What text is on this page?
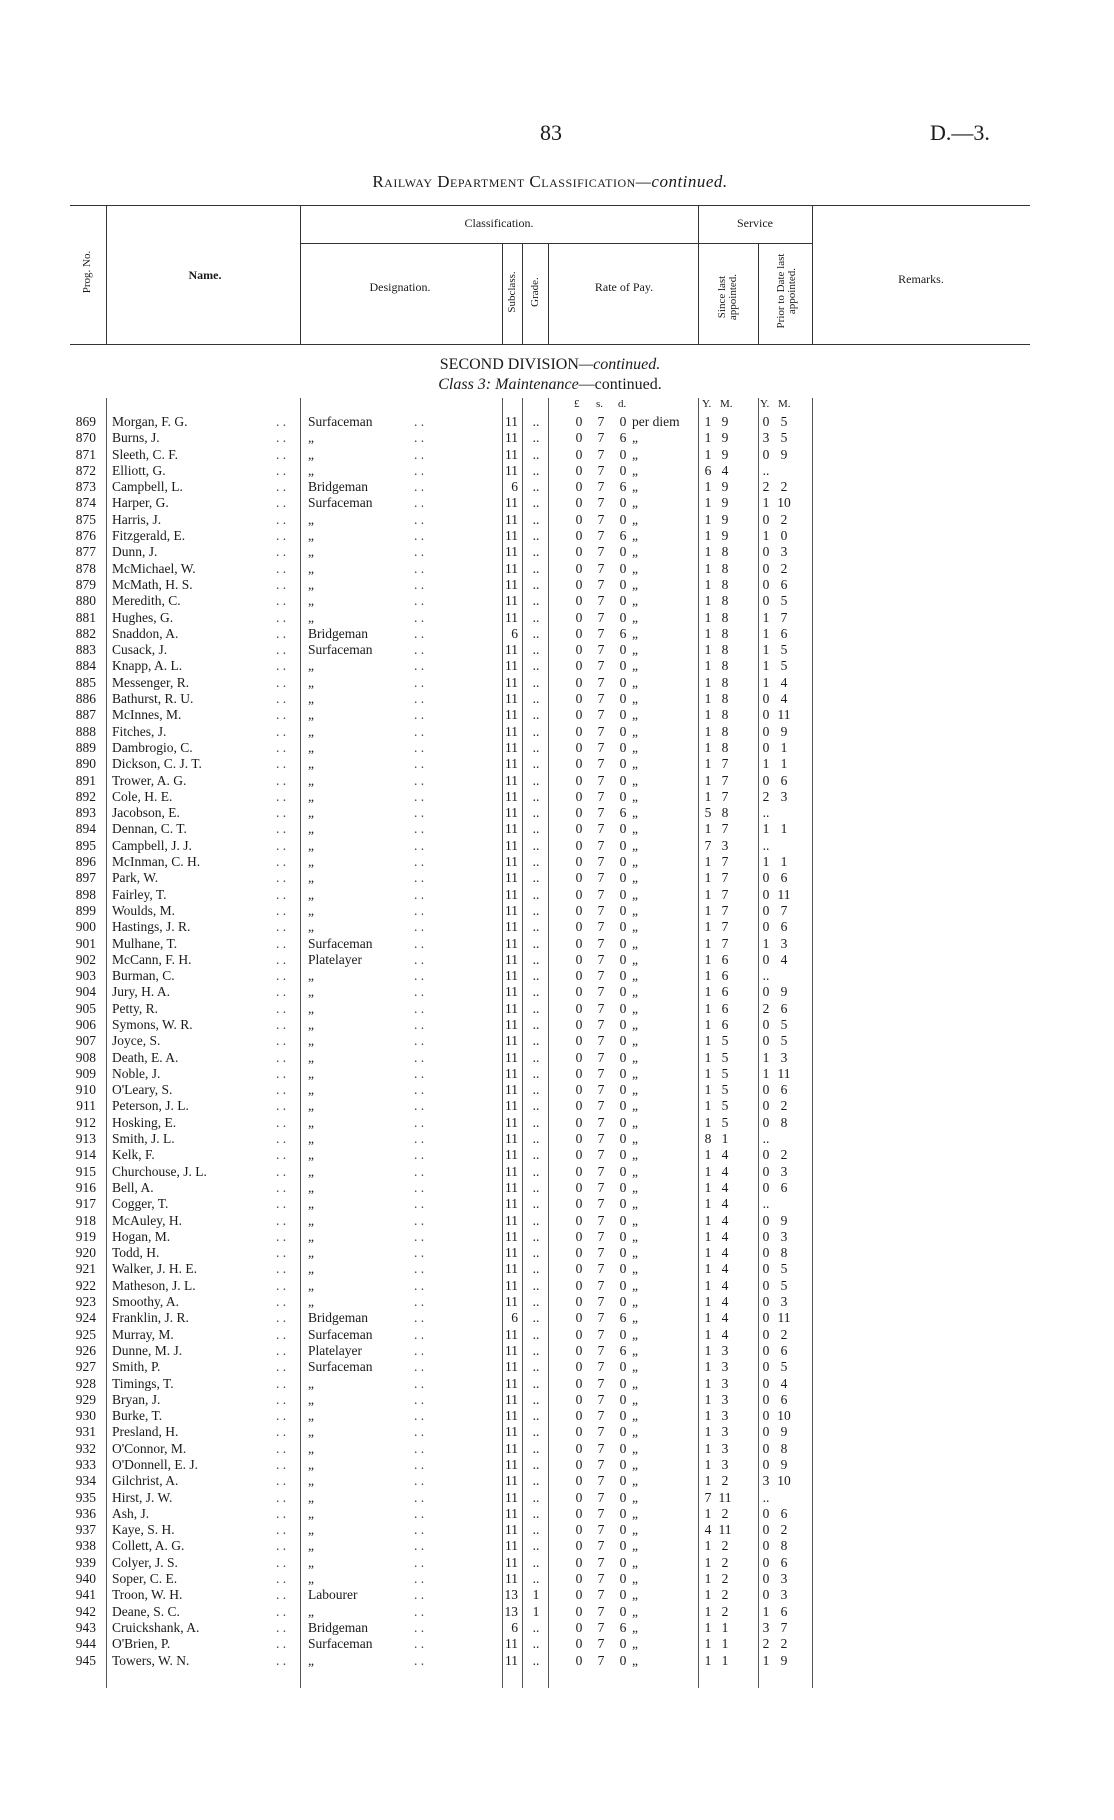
83	D.—3.
Railway Department Classification—continued.
Prog. No.	Name.
Classification.
Designation.	Subclass. Grade.	Rate of Pay.
Service
Since last appointed.	Prior to Date last appointed.	Remarks.
SECOND DIVISION—continued.
Class 3: Maintenance—continued.
£ s. d.	Y. M. Y. M.
869 Morgan, F. G.	Surfaceman	11	..	0 7 0 per diem	1 9	0 5
. .	. .
870 Burns, J.	„	11	..	0 7 6 „	1 9	3 5
. .	. .
871 Sleeth, C. F.	„	11	..	0 7 0 „	1 9	0 9
. .	. .
872 Elliott, G.	„	11	..	0 7 0 „	6 4	..
. .	. .
873 Campbell, L.	Bridgeman	6	..	0 7 6 „	1 9	2 2
. .	. .
874 Harper, G.	Surfaceman	11	..	0 7 0 „	1 9	1 10
. .	. .
875 Harris, J.	„	11	..	0 7 0 „	1 9	0 2
. .	. .
876 Fitzgerald, E.	„	11	..	0 7 6 „	1 9	1 0
. .	. .
877 Dunn, J.	„	11	..	0 7 0 „	1 8	0 3
. .	. .
878 McMichael, W.	„	11	..	0 7 0 „	1 8	0 2
. .	. .
879 McMath, H. S.	„	11	..	0 7 0 „	1 8	0 6
. .	. .
880 Meredith, C.	„	11	..	0 7 0 „	1 8	0 5
. .	. .
881 Hughes, G.	„	11	..	0 7 0 „	1 8	1 7
. .	. .
882 Snaddon, A.	Bridgeman	6	..	0 7 6 „	1 8	1 6
. .	. .
883 Cusack, J.	Surfaceman	11	..	0 7 0 „	1 8	1 5
. .	. .
884 Knapp, A. L.	„	11	..	0 7 0 „	1 8	1 5
. .	. .
885 Messenger, R.	„	11	..	0 7 0 „	1 8	1 4
. .	. .
886 Bathurst, R. U.	„	11	..	0 7 0 „	1 8	0 4
. .	. .
887 McInnes, M.	„	11	..	0 7 0 „	1 8	0 11
. .	. .
888 Fitches, J.	„	11	..	0 7 0 „	1 8	0 9
. .	. .
889 Dambrogio, C.	„	11	..	0 7 0 „	1 8	0 1
. .	. .
890 Dickson, C. J. T.	„	11	..	0 7 0 „	1 7	1 1
. .	. .
891 Trower, A. G.	„	11	..	0 7 0 „	1 7	0 6
. .	. .
892 Cole, H. E.	„	11	..	0 7 0 „	1 7	2 3
. .	. .
893 Jacobson, E.	„	11	..	0 7 6 „	5 8	..
. .	. .
894 Dennan, C. T.	„	11	..	0 7 0 „	1 7	1 1
. .	. .
895 Campbell, J. J.	„	11	..	0 7 0 „	7 3	..
. .	. .
896 McInman, C. H.	„	11	..	0 7 0 „	1 7	1 1
. .	. .
897 Park, W.	„	11	..	0 7 0 „	1 7	0 6
. .	. .
898 Fairley, T.	„	11	..	0 7 0 „	1 7	0 11
. .	. .
899 Woulds, M.	„	11	..	0 7 0 „	1 7	0 7
. .	. .
900 Hastings, J. R.	„	11	..	0 7 0 „	1 7	0 6
. .	. .
901 Mulhane, T.	Surfaceman	11	..	0 7 0 „	1 7	1 3
. .	. .
902 McCann, F. H.	Platelayer	11	..	0 7 0 „	1 6	0 4
. .	. .
903 Burman, C.	„	11	..	0 7 0 „	1 6	..
. .	. .
904 Jury, H. A.	„	11	..	0 7 0 „	1 6	0 9
. .	. .
905 Petty, R.	„	11	..	0 7 0 „	1 6	2 6
. .	. .
906 Symons, W. R.	„	11	..	0 7 0 „	1 6	0 5
. .	. .
907 Joyce, S.	„	11	..	0 7 0 „	1 5	0 5
. .	. .
908 Death, E. A.	„	11	..	0 7 0 „	1 5	1 3
. .	. .
909 Noble, J.	„	11	..	0 7 0 „	1 5	1 11
. .	. .
910 O'Leary, S.	„	11	..	0 7 0 „	1 5	0 6
. .	. .
911 Peterson, J. L.	„	11	..	0 7 0 „	1 5	0 2
. .	. .
912 Hosking, E.	„	11	..	0 7 0 „	1 5	0 8
. .	. .
913 Smith, J. L.	„	11	..	0 7 0 „	8 1	..
. .	. .
914 Kelk, F.	„	11	..	0 7 0 „	1 4	0 2
. .	. .
915 Churchouse, J. L.	„	11	..	0 7 0 „	1 4	0 3
. .	. .
916 Bell, A.	„	11	..	0 7 0 „	1 4	0 6
. .	. .
917 Cogger, T.	„	11	..	0 7 0 „	1 4	..
. .	. .
918 McAuley, H.	„	11	..	0 7 0 „	1 4	0 9
. .	. .
919 Hogan, M.	„	11	..	0 7 0 „	1 4	0 3
. .	. .
920 Todd, H.	„	11	..	0 7 0 „	1 4	0 8
. .	. .
921 Walker, J. H. E.	„	11	..	0 7 0 „	1 4	0 5
. .	. .
922 Matheson, J. L.	„	11	..	0 7 0 „	1 4	0 5
. .	. .
923 Smoothy, A.	„	11	..	0 7 0 „	1 4	0 3
. .	. .
924 Franklin, J. R.	Bridgeman	6	..	0 7 6 „	1 4	0 11
. .	. .
925 Murray, M.	Surfaceman	11	..	0 7 0 „	1 4	0 2
. .	. .
926 Dunne, M. J.	Platelayer	11	..	0 7 6 „	1 3	0 6
. .	. .
927 Smith, P.	Surfaceman	11	..	0 7 0 „	1 3	0 5
. .	. .
928 Timings, T.	„	11	..	0 7 0 „	1 3	0 4
. .	. .
929 Bryan, J.	„	11	..	0 7 0 „	1 3	0 6
. .	. .
930 Burke, T.	„	11	..	0 7 0 „	1 3	0 10
. .	. .
931 Presland, H.	„	11	..	0 7 0 „	1 3	0 9
. .	. .
932 O'Connor, M.	„	11	..	0 7 0 „	1 3	0 8
. .	. .
933 O'Donnell, E. J.	„	11	..	0 7 0 „	1 3	0 9
. .	. .
934 Gilchrist, A.	„	11	..	0 7 0 „	1 2	3 10
. .	. .
935 Hirst, J. W.	„	11	..	0 7 0 „	7 11	..
. .	. .
936 Ash, J.	„	11	..	0 7 0 „	1 2	0 6
. .	. .
937 Kaye, S. H.	„	11	..	0 7 0 „	4 11	0 2
. .	. .
938 Collett, A. G.	„	11	..	0 7 0 „	1 2	0 8
. .	. .
939 Colyer, J. S.	„	11	..	0 7 0 „	1 2	0 6
. .	. .
940 Soper, C. E.	„	11	..	0 7 0 „	1 2	0 3
. .	. .
941 Troon, W. H.	Labourer	13	1	0 7 0 „	1 2	0 3
. .	. .
942 Deane, S. C.	„	13	1	0 7 0 „	1 2	1 6
. .	. .
943 Cruickshank, A.	Bridgeman	6	..	0 7 6 „	1 1	3 7
. .	. .
944 O'Brien, P.	Surfaceman	11	..	0 7 0 „	1 1	2 2
. .	. .
945 Towers, W. N.	„	11	..	0 7 0 „	1 1	1 9
. .	. .
